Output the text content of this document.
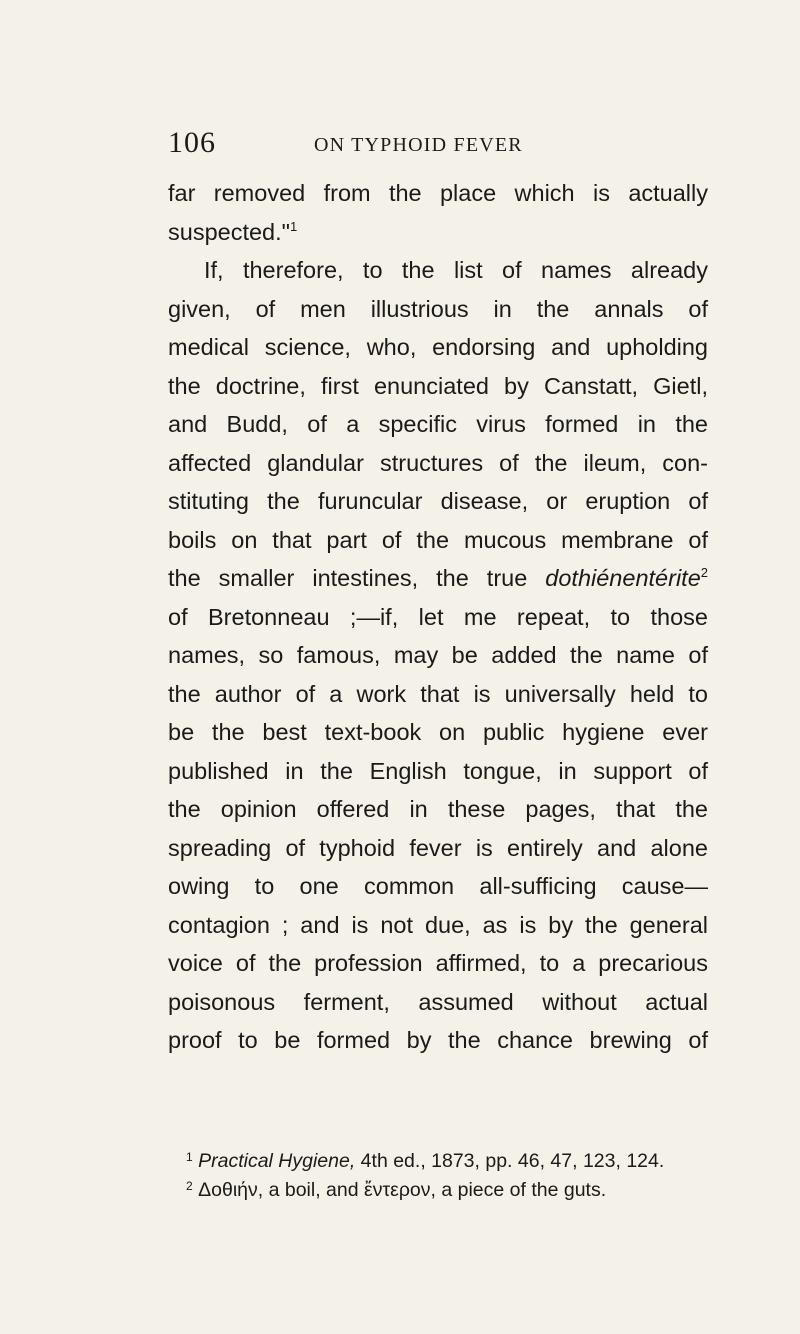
106	ON TYPHOID FEVER
far removed from the place which is actually
suspected."$^1$
If, therefore, to the list of names already
given, of men illustrious in the annals of
medical science, who, endorsing and upholding
the doctrine, first enunciated by Canstatt, Gietl,
and Budd, of a specific virus formed in the
affected glandular structures of the ileum, con-
stituting the furuncular disease, or eruption of
boils on that part of the mucous membrane of
the smaller intestines, the true dothiénentérite$^2$
of Bretonneau ;—if, let me repeat, to those
names, so famous, may be added the name of
the author of a work that is universally held to
be the best text-book on public hygiene ever
published in the English tongue, in support of
the opinion offered in these pages, that the
spreading of typhoid fever is entirely and alone
owing to one common all-sufficing cause—
contagion ; and is not due, as is by the general
voice of the profession affirmed, to a precarious
poisonous ferment, assumed without actual
proof to be formed by the chance brewing of
$^1$ Practical Hygiene, 4th ed., 1873, pp. 46, 47, 123, 124.
$^2$ Δοθιήν, a boil, and ἔντερον, a piece of the guts.
